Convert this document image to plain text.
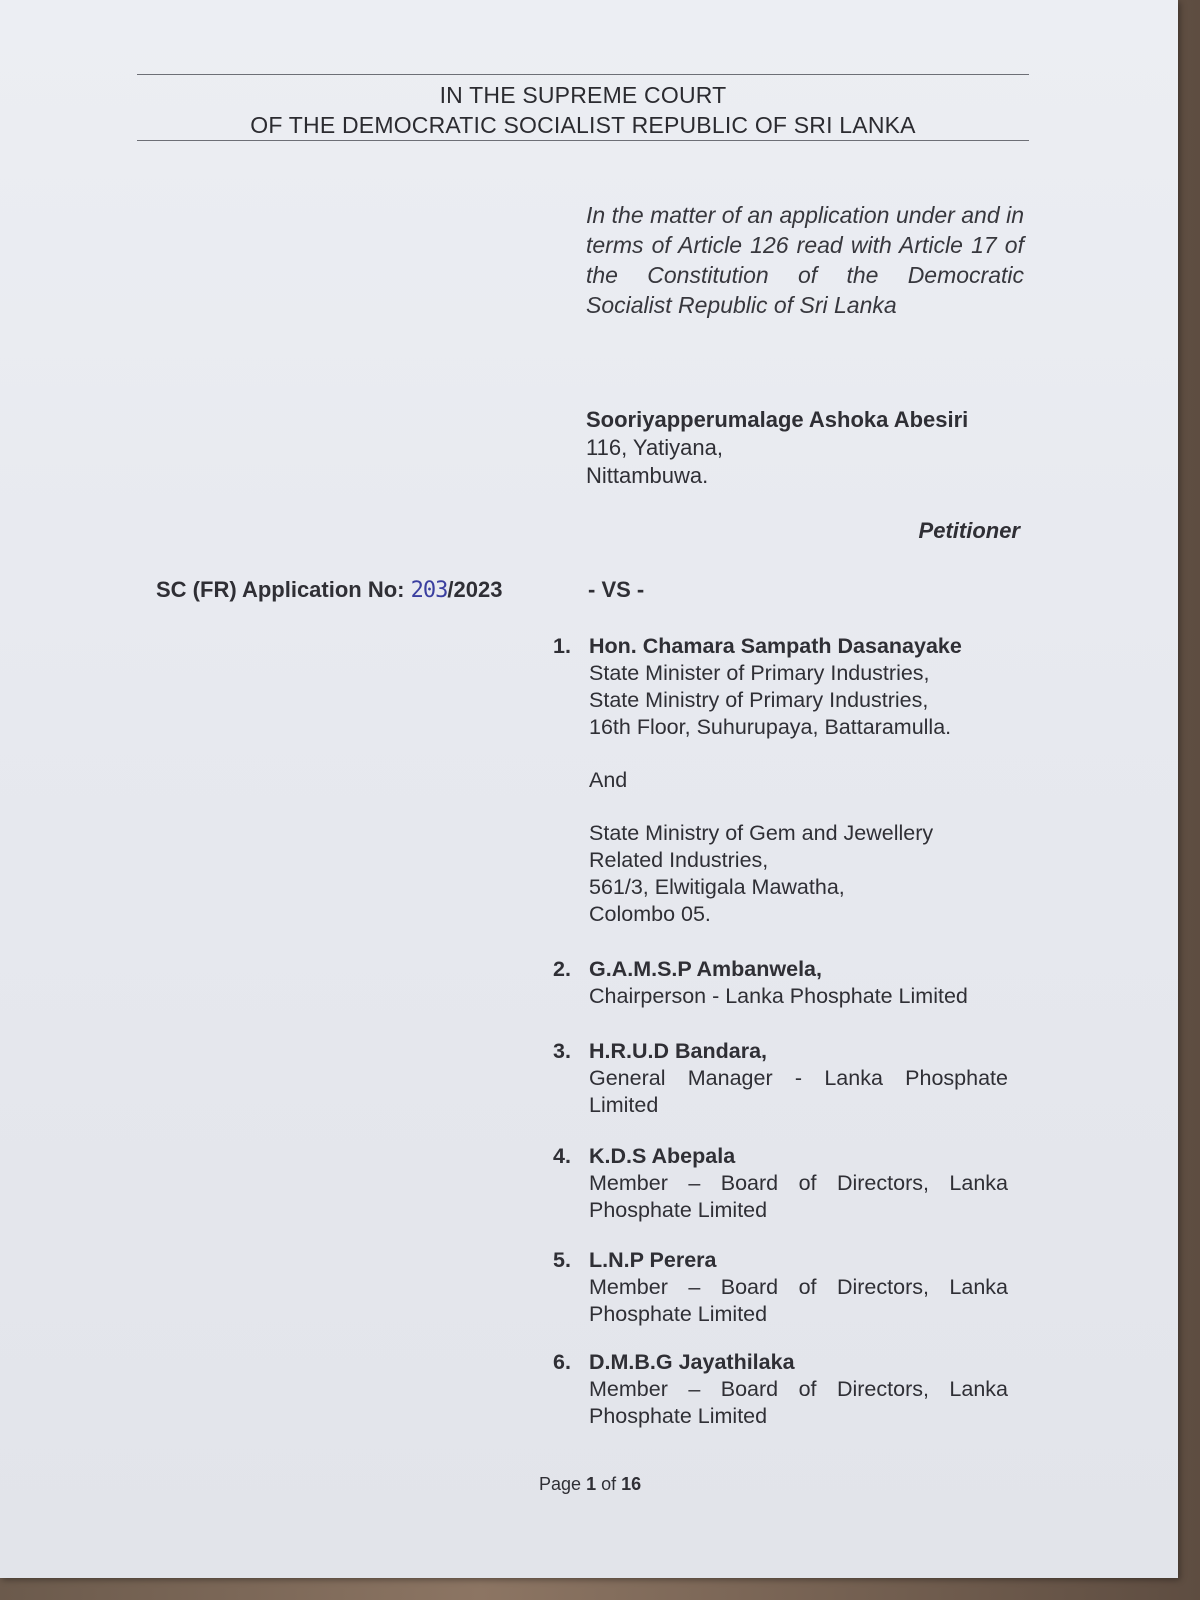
IN THE SUPREME COURT
OF THE DEMOCRATIC SOCIALIST REPUBLIC OF SRI LANKA

In the matter of an application under and in terms of Article 126 read with Article 17 of the Constitution of the Democratic Socialist Republic of Sri Lanka

Sooriyapperumalage Ashoka Abesiri
116, Yatiyana,
Nittambuwa.
Petitioner
SC (FR) Application No: 203/2023	- VS -
1. Hon. Chamara Sampath Dasanayake
State Minister of Primary Industries,
State Ministry of Primary Industries,
16th Floor, Suhurupaya, Battaramulla.
And
State Ministry of Gem and Jewellery
Related Industries,
561/3, Elwitigala Mawatha,
Colombo 05.
2. G.A.M.S.P Ambanwela,
Chairperson - Lanka Phosphate Limited
3. H.R.U.D Bandara,
General Manager - Lanka Phosphate Limited
4. K.D.S Abepala
Member – Board of Directors, Lanka Phosphate Limited
5. L.N.P Perera
Member – Board of Directors, Lanka Phosphate Limited
6. D.M.B.G Jayathilaka
Member – Board of Directors, Lanka Phosphate Limited
Page 1 of 16
